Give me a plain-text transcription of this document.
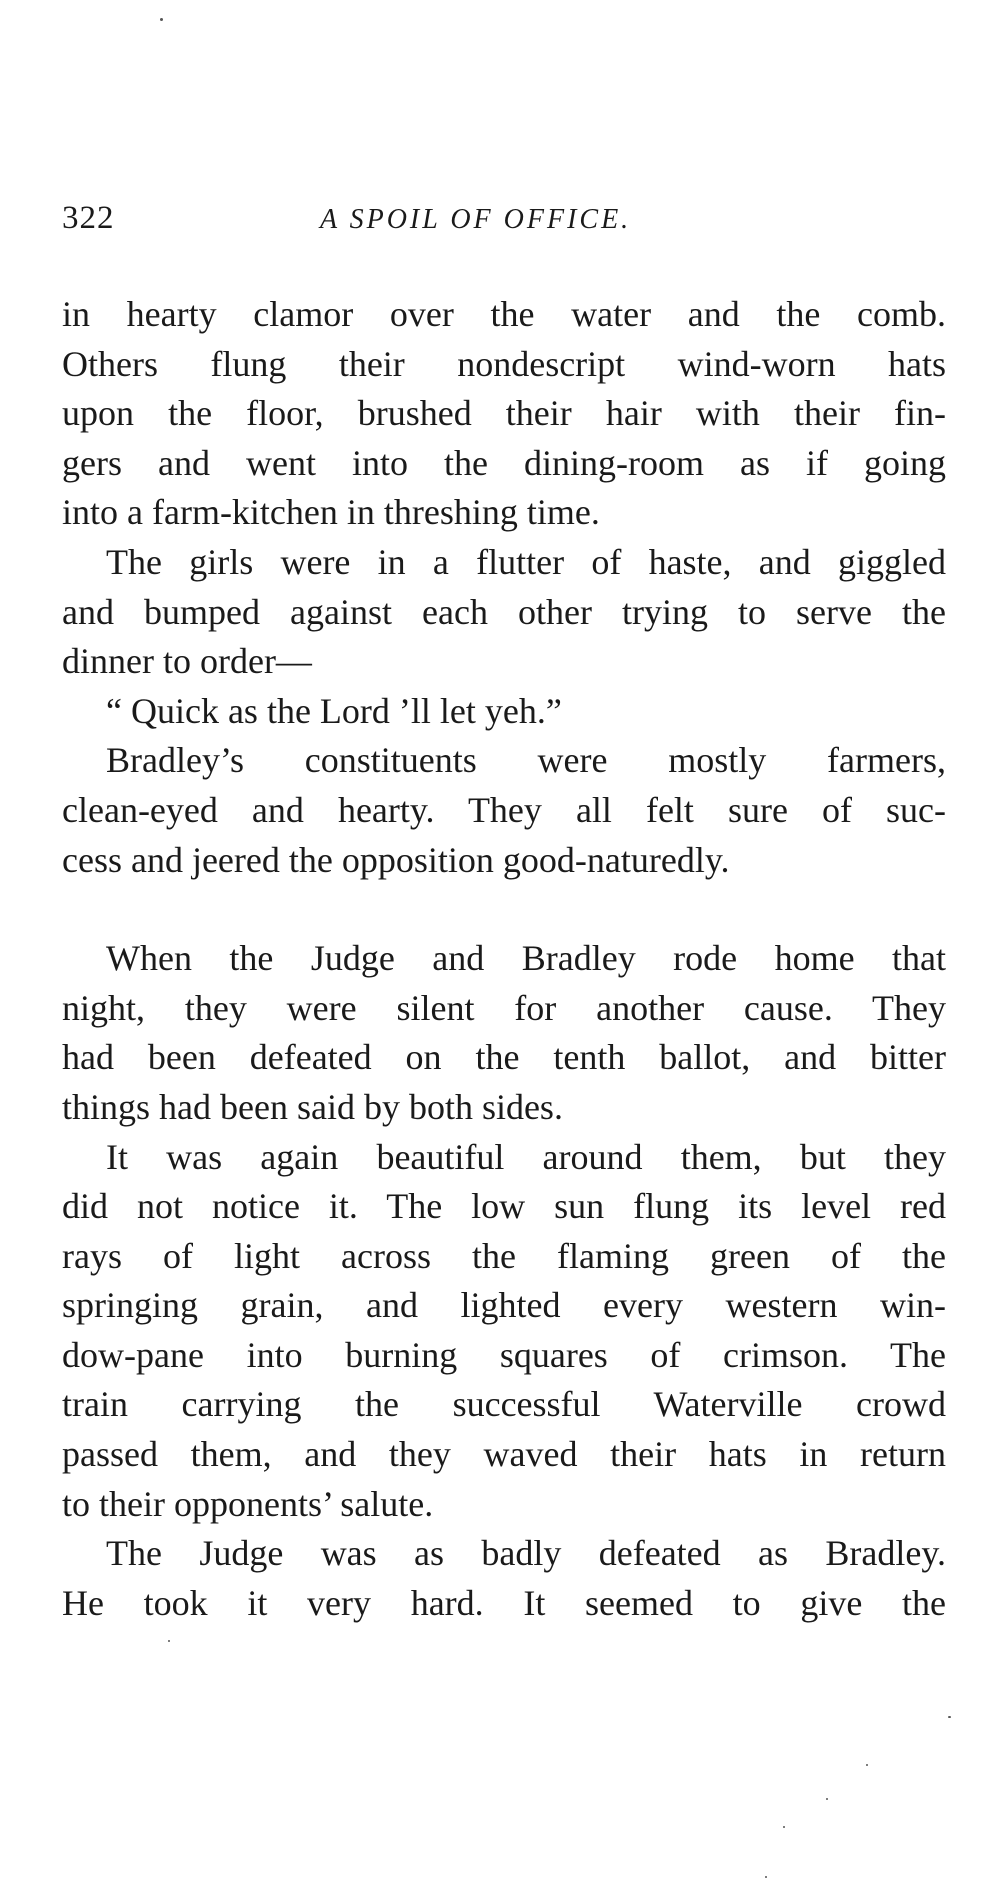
322	A SPOIL OF OFFICE.
in hearty clamor over the water and the comb.
Others flung their nondescript wind-worn hats
upon the floor, brushed their hair with their fin-
gers and went into the dining-room as if going
into a farm-kitchen in threshing time.
The girls were in a flutter of haste, and giggled
and bumped against each other trying to serve the
dinner to order—
“ Quick as the Lord ’ll let yeh.”
Bradley’s constituents were mostly farmers,
clean-eyed and hearty. They all felt sure of suc-
cess and jeered the opposition good-naturedly.
When the Judge and Bradley rode home that
night, they were silent for another cause. They
had been defeated on the tenth ballot, and bitter
things had been said by both sides.
It was again beautiful around them, but they
did not notice it. The low sun flung its level red
rays of light across the flaming green of the
springing grain, and lighted every western win-
dow-pane into burning squares of crimson. The
train carrying the successful Waterville crowd
passed them, and they waved their hats in return
to their opponents’ salute.
The Judge was as badly defeated as Bradley.
He took it very hard. It seemed to give the
